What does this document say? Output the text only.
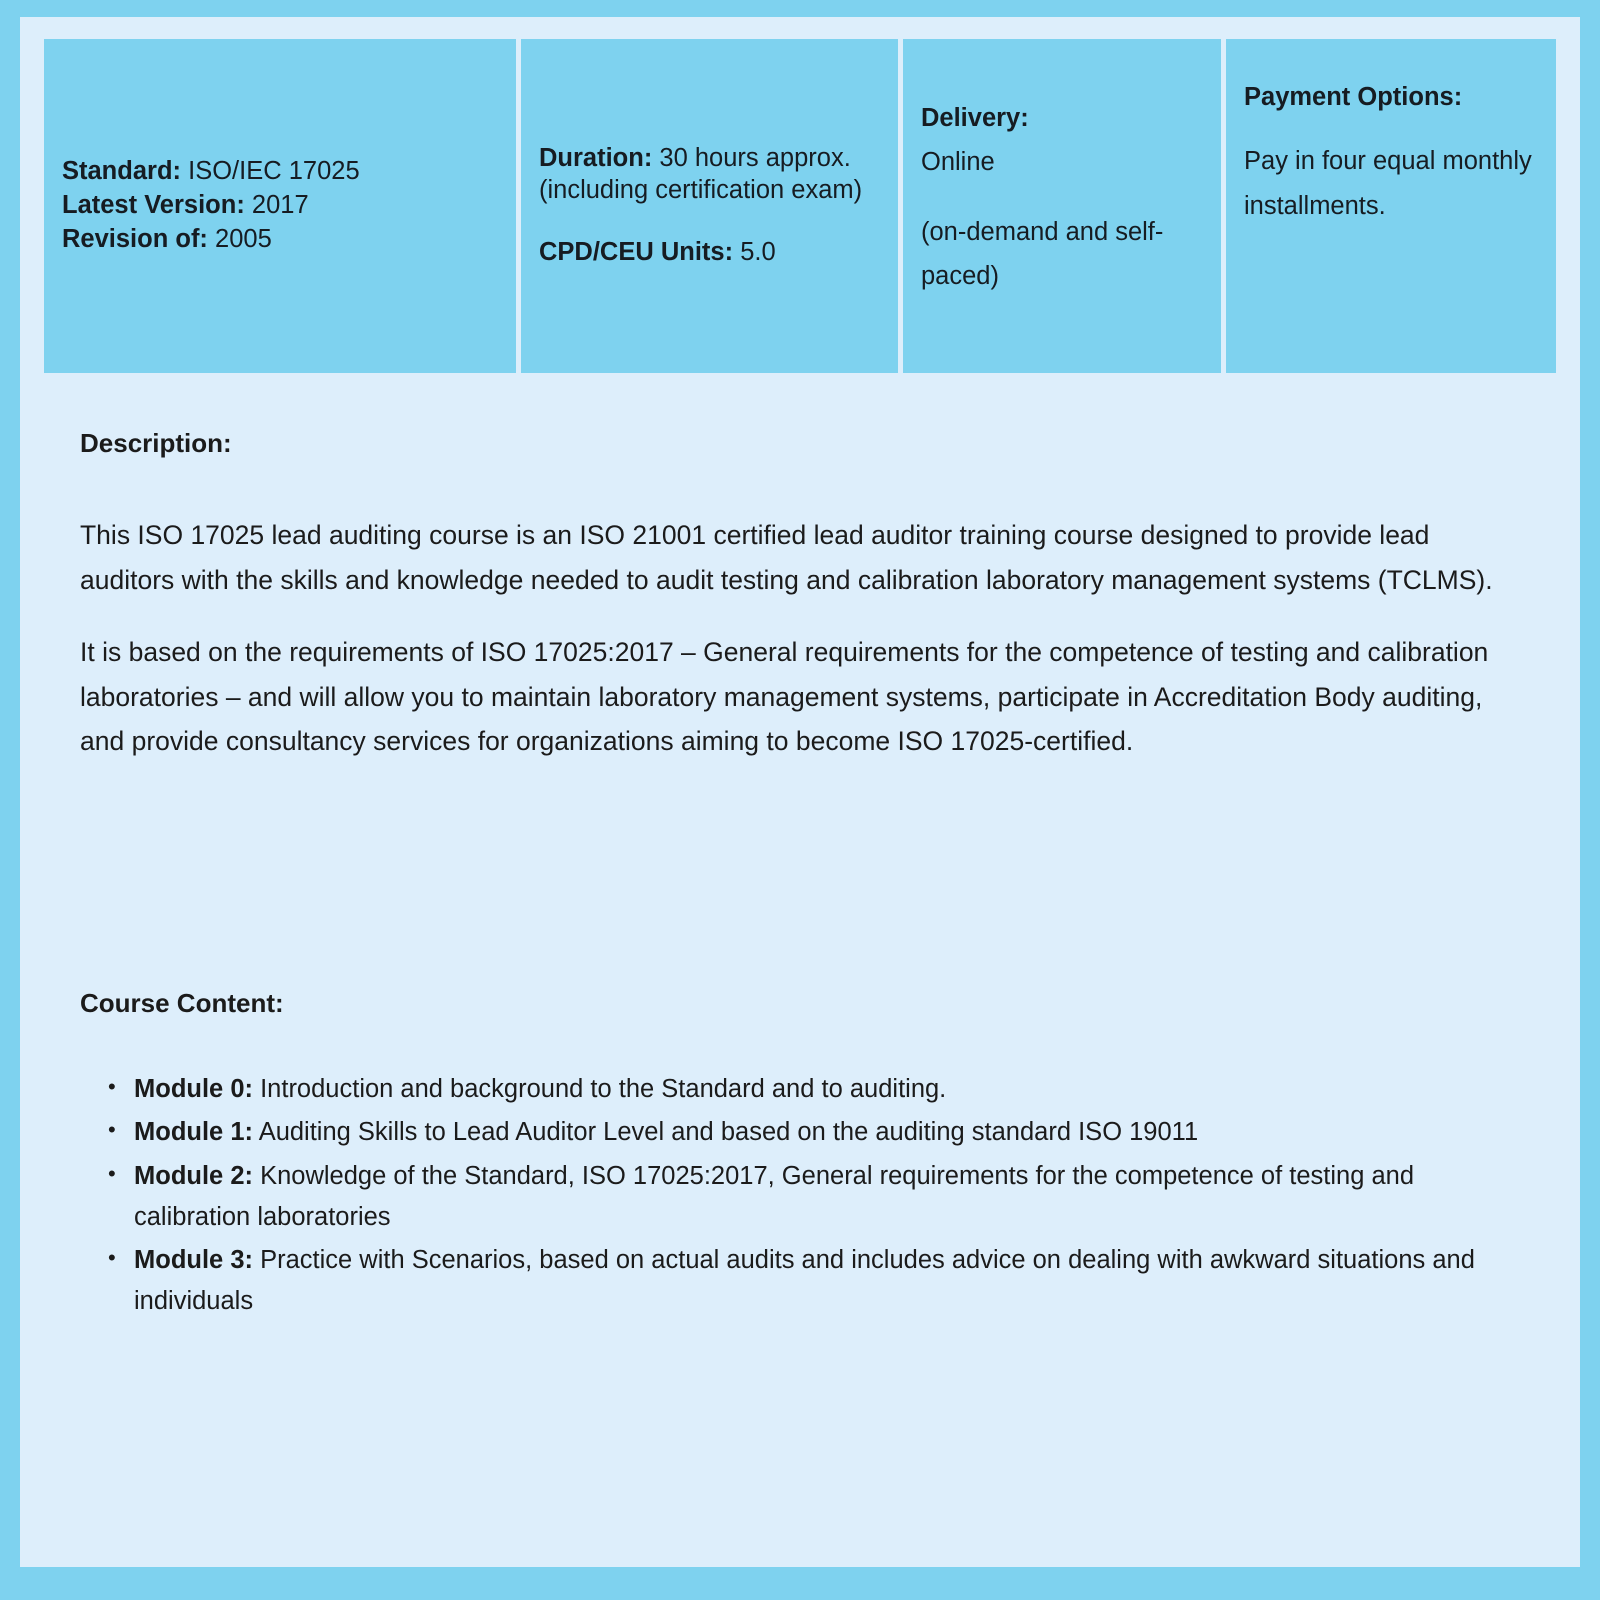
Standard: ISO/IEC 17025
Latest Version: 2017
Revision of: 2005
Duration: 30 hours approx. (including certification exam)
CPD/CEU Units: 5.0
Delivery:
Online
(on-demand and self-paced)
Payment Options:
Pay in four equal monthly installments.
Description:

This ISO 17025 lead auditing course is an ISO 21001 certified lead auditor training course designed to provide lead auditors with the skills and knowledge needed to audit testing and calibration laboratory management systems (TCLMS).

It is based on the requirements of ISO 17025:2017 – General requirements for the competence of testing and calibration laboratories – and will allow you to maintain laboratory management systems, participate in Accreditation Body auditing, and provide consultancy services for organizations aiming to become ISO 17025-certified.

Course Content:
• Module 0: Introduction and background to the Standard and to auditing.
• Module 1: Auditing Skills to Lead Auditor Level and based on the auditing standard ISO 19011
• Module 2: Knowledge of the Standard, ISO 17025:2017, General requirements for the competence of testing and calibration laboratories
• Module 3: Practice with Scenarios, based on actual audits and includes advice on dealing with awkward situations and individuals
